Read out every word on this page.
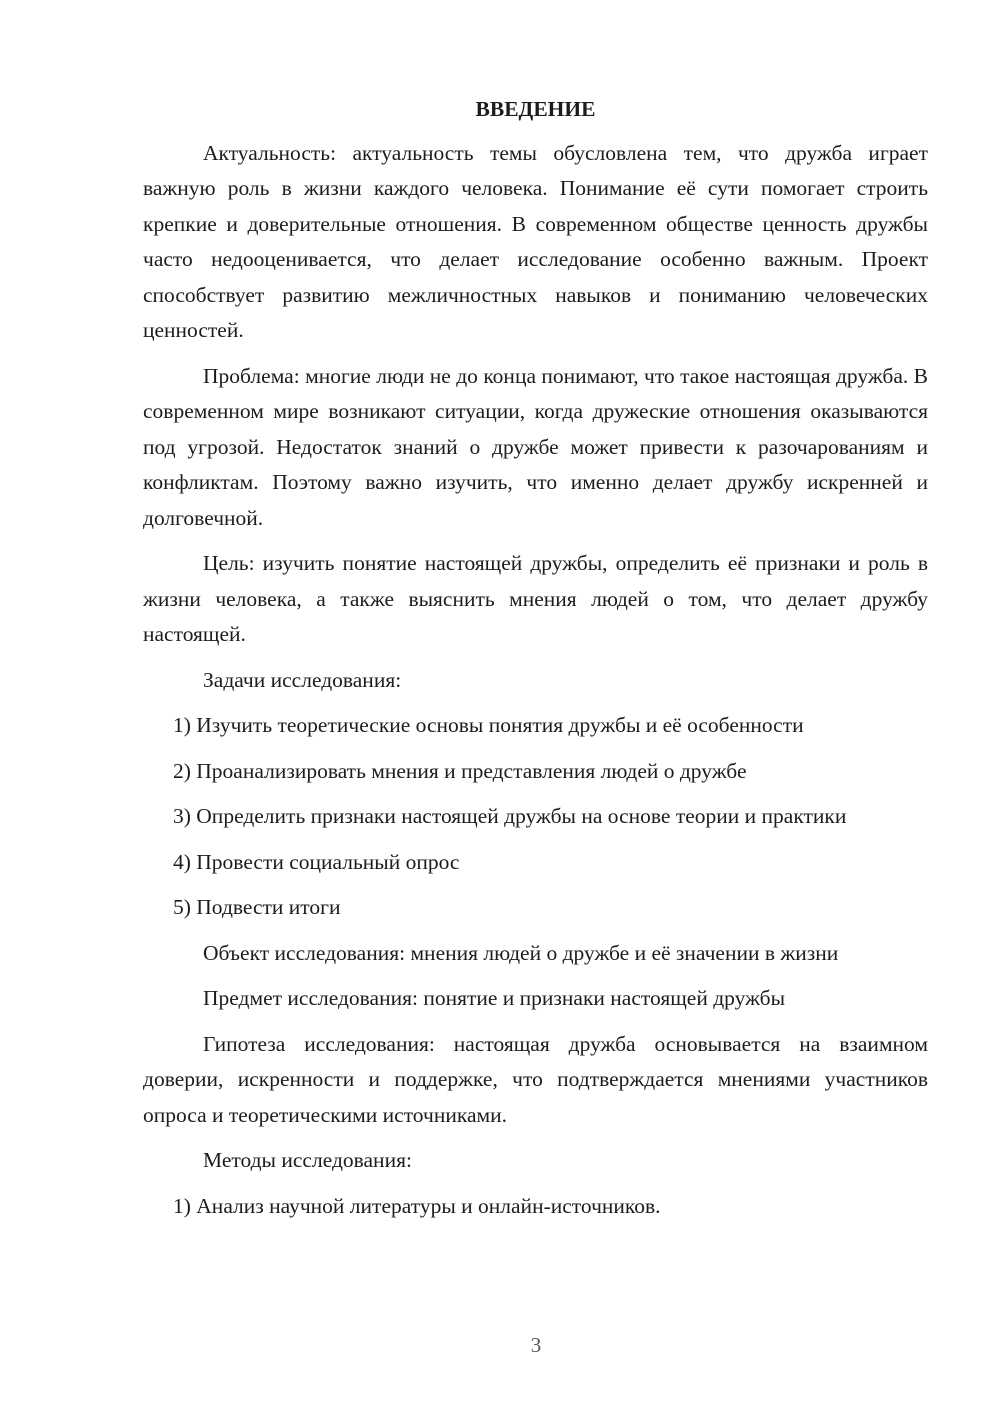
ВВЕДЕНИЕ

Актуальность: актуальность темы обусловлена тем, что дружба играет важную роль в жизни каждого человека. Понимание её сути помогает строить крепкие и доверительные отношения. В современном обществе ценность дружбы часто недооценивается, что делает исследование особенно важным. Проект способствует развитию межличностных навыков и пониманию человеческих ценностей.

Проблема: многие люди не до конца понимают, что такое настоящая дружба. В современном мире возникают ситуации, когда дружеские отношения оказываются под угрозой. Недостаток знаний о дружбе может привести к разочарованиям и конфликтам. Поэтому важно изучить, что именно делает дружбу искренней и долговечной.

Цель: изучить понятие настоящей дружбы, определить её признаки и роль в жизни человека, а также выяснить мнения людей о том, что делает дружбу настоящей.

Задачи исследования:

1) Изучить теоретические основы понятия дружбы и её особенности

2) Проанализировать мнения и представления людей о дружбе

3) Определить признаки настоящей дружбы на основе теории и практики

4) Провести социальный опрос

5) Подвести итоги

Объект исследования: мнения людей о дружбе и её значении в жизни

Предмет исследования: понятие и признаки настоящей дружбы

Гипотеза исследования: настоящая дружба основывается на взаимном доверии, искренности и поддержке, что подтверждается мнениями участников опроса и теоретическими источниками.

Методы исследования:

1) Анализ научной литературы и онлайн-источников.

3
